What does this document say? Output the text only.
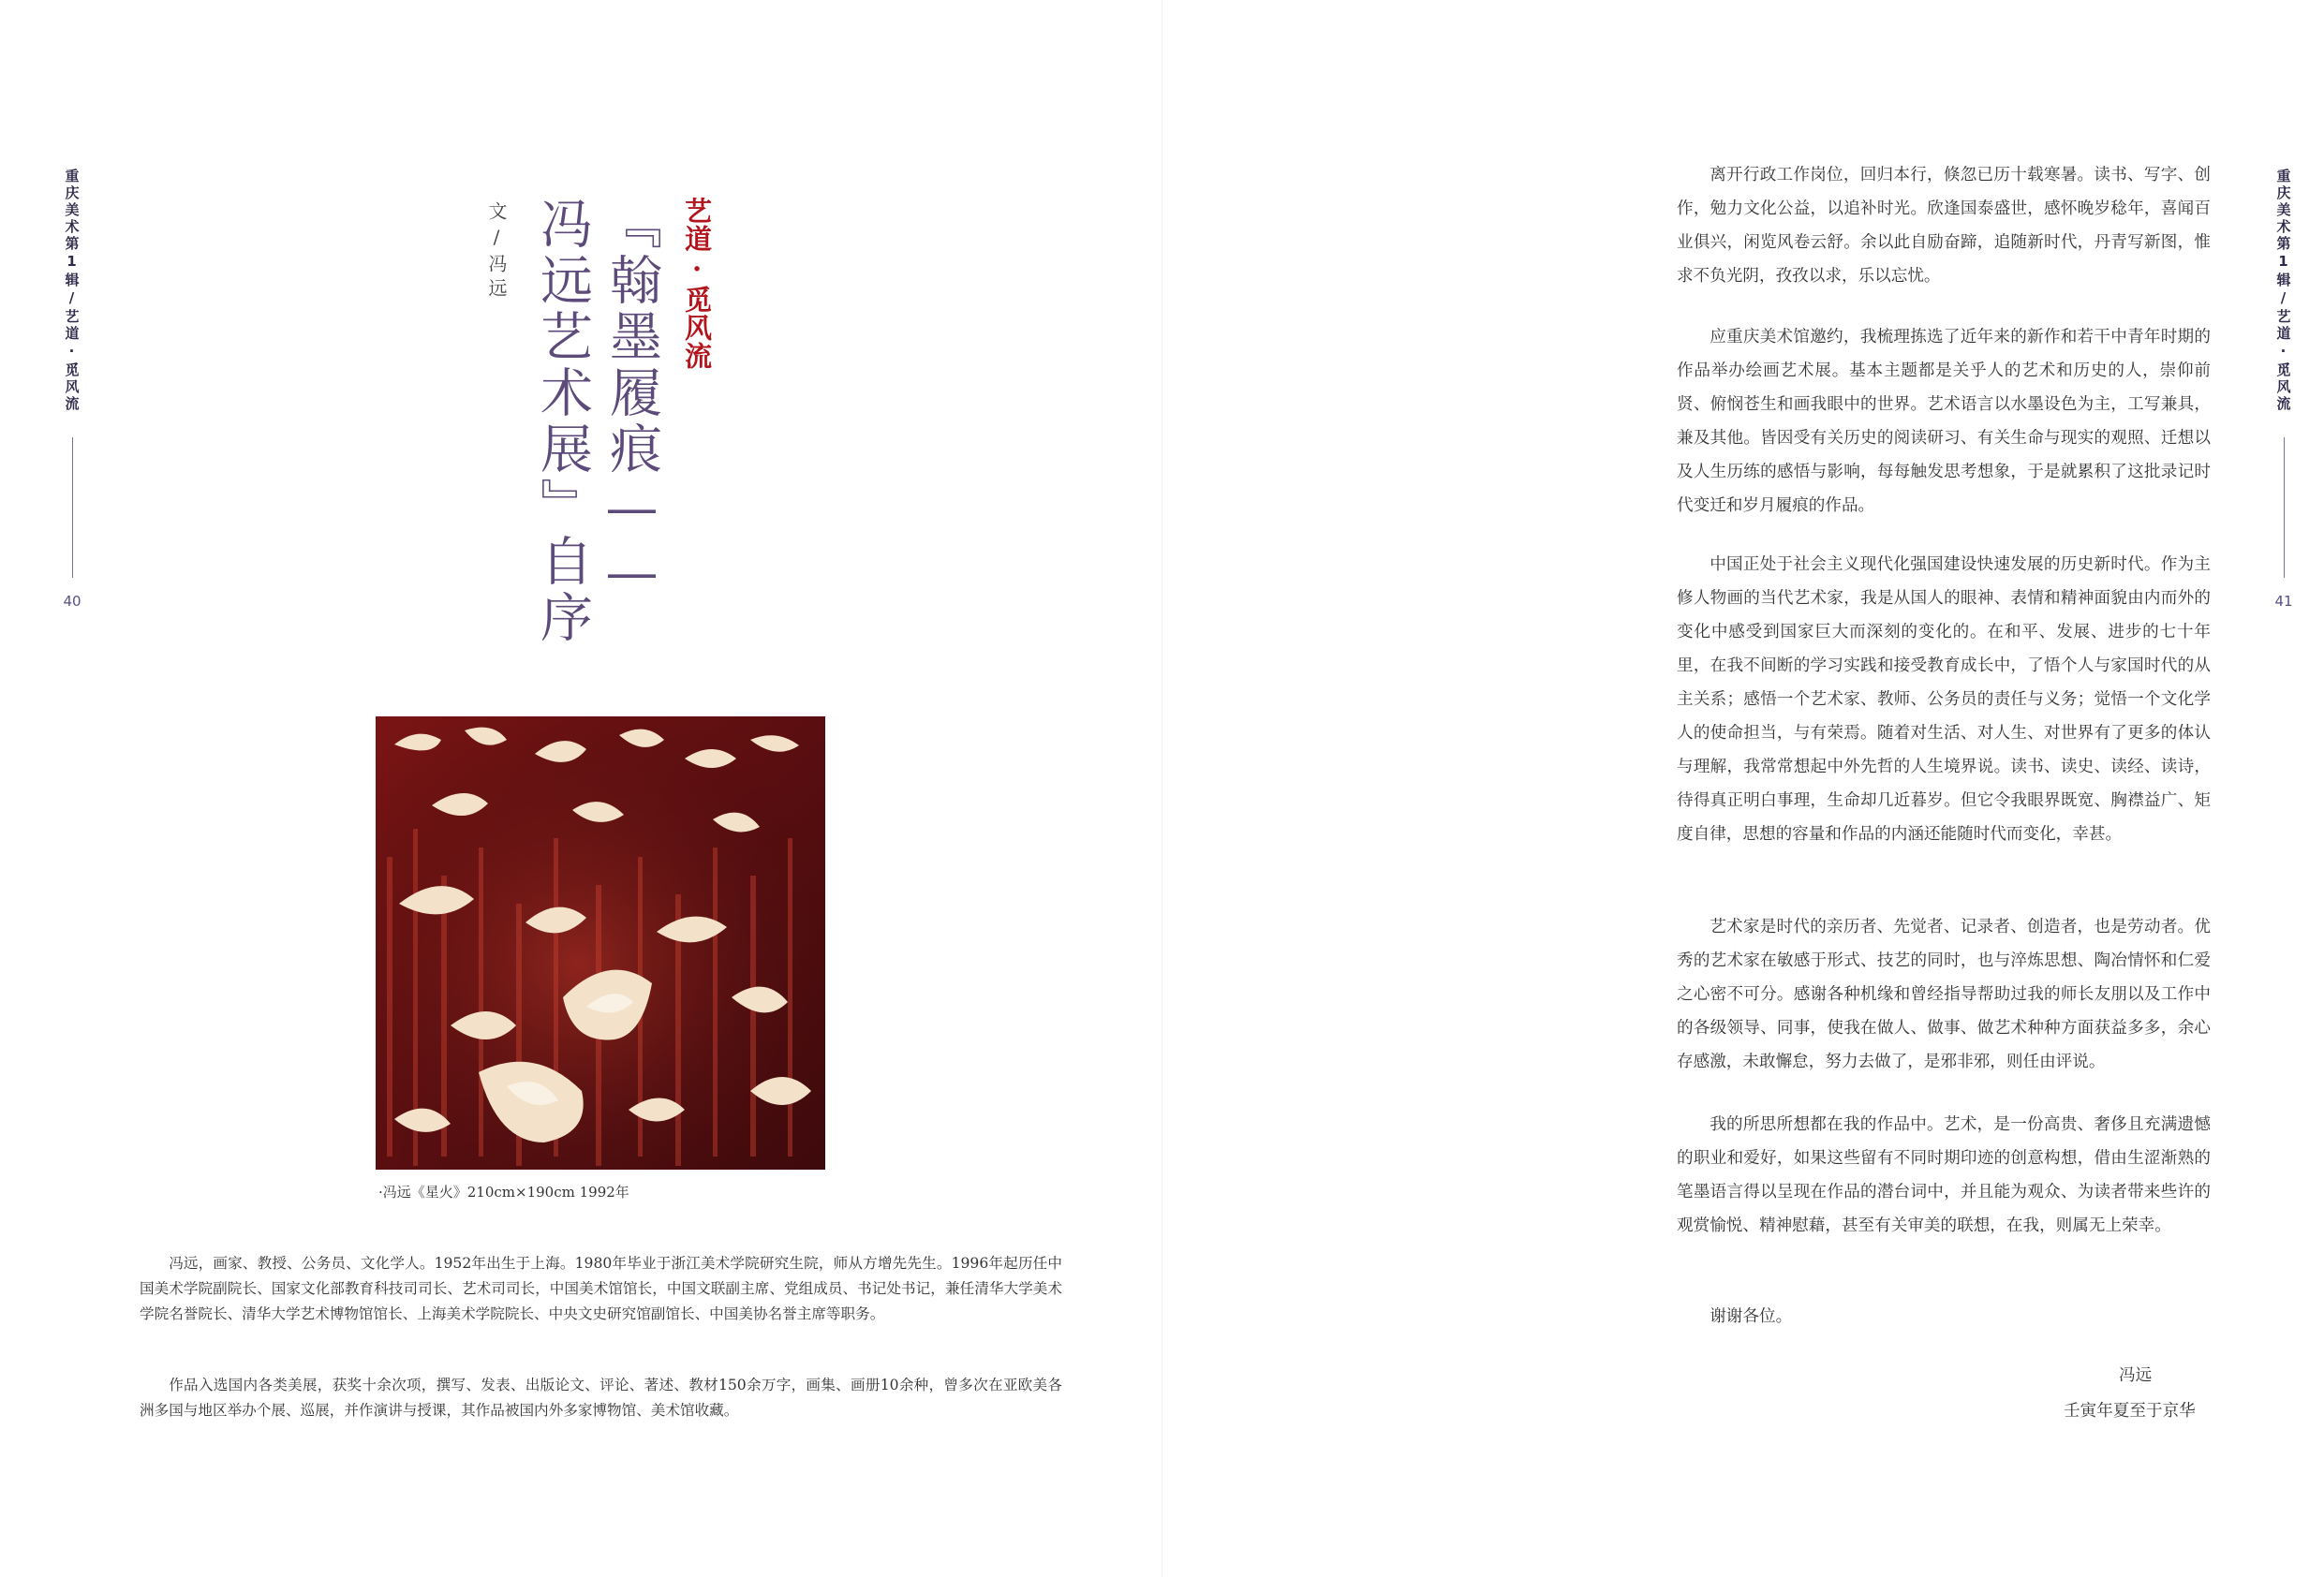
重庆美术第1辑/艺道·觅风流
40
艺道·觅风流
『翰墨履痕——
冯远艺术展』自序
文/冯远
·冯远《星火》210cm×190cm 1992年

冯远，画家、教授、公务员、文化学人。1952年出生于上海。1980年毕业于浙江美术学院研究生院，师从方增先先生。1996年起历任中国美术学院副院长、国家文化部教育科技司司长、艺术司司长，中国美术馆馆长，中国文联副主席、党组成员、书记处书记，兼任清华大学美术学院名誉院长、清华大学艺术博物馆馆长、上海美术学院院长、中央文史研究馆副馆长、中国美协名誉主席等职务。

作品入选国内各类美展，获奖十余次项，撰写、发表、出版论文、评论、著述、教材150余万字，画集、画册10余种，曾多次在亚欧美各洲多国与地区举办个展、巡展，并作演讲与授课，其作品被国内外多家博物馆、美术馆收藏。

重庆美术第1辑/艺道·觅风流
41

离开行政工作岗位，回归本行，倏忽已历十载寒暑。读书、写字、创作，勉力文化公益，以追补时光。欣逢国泰盛世，感怀晚岁稔年，喜闻百业俱兴，闲览风卷云舒。余以此自励奋蹄，追随新时代，丹青写新图，惟求不负光阴，孜孜以求，乐以忘忧。

应重庆美术馆邀约，我梳理拣选了近年来的新作和若干中青年时期的作品举办绘画艺术展。基本主题都是关乎人的艺术和历史的人，崇仰前贤、俯悯苍生和画我眼中的世界。艺术语言以水墨设色为主，工写兼具，兼及其他。皆因受有关历史的阅读研习、有关生命与现实的观照、迁想以及人生历练的感悟与影响，每每触发思考想象，于是就累积了这批录记时代变迁和岁月履痕的作品。

中国正处于社会主义现代化强国建设快速发展的历史新时代。作为主修人物画的当代艺术家，我是从国人的眼神、表情和精神面貌由内而外的变化中感受到国家巨大而深刻的变化的。在和平、发展、进步的七十年里，在我不间断的学习实践和接受教育成长中，了悟个人与家国时代的从主关系；感悟一个艺术家、教师、公务员的责任与义务；觉悟一个文化学人的使命担当，与有荣焉。随着对生活、对人生、对世界有了更多的体认与理解，我常常想起中外先哲的人生境界说。读书、读史、读经、读诗，待得真正明白事理，生命却几近暮岁。但它令我眼界既宽、胸襟益广、矩度自律，思想的容量和作品的内涵还能随时代而变化，幸甚。

艺术家是时代的亲历者、先觉者、记录者、创造者，也是劳动者。优秀的艺术家在敏感于形式、技艺的同时，也与淬炼思想、陶冶情怀和仁爱之心密不可分。感谢各种机缘和曾经指导帮助过我的师长友朋以及工作中的各级领导、同事，使我在做人、做事、做艺术种种方面获益多多，余心存感激，未敢懈怠，努力去做了，是邪非邪，则任由评说。

我的所思所想都在我的作品中。艺术，是一份高贵、奢侈且充满遗憾的职业和爱好，如果这些留有不同时期印迹的创意构想，借由生涩渐熟的笔墨语言得以呈现在作品的潜台词中，并且能为观众、为读者带来些许的观赏愉悦、精神慰藉，甚至有关审美的联想，在我，则属无上荣幸。

谢谢各位。

冯远
壬寅年夏至于京华
